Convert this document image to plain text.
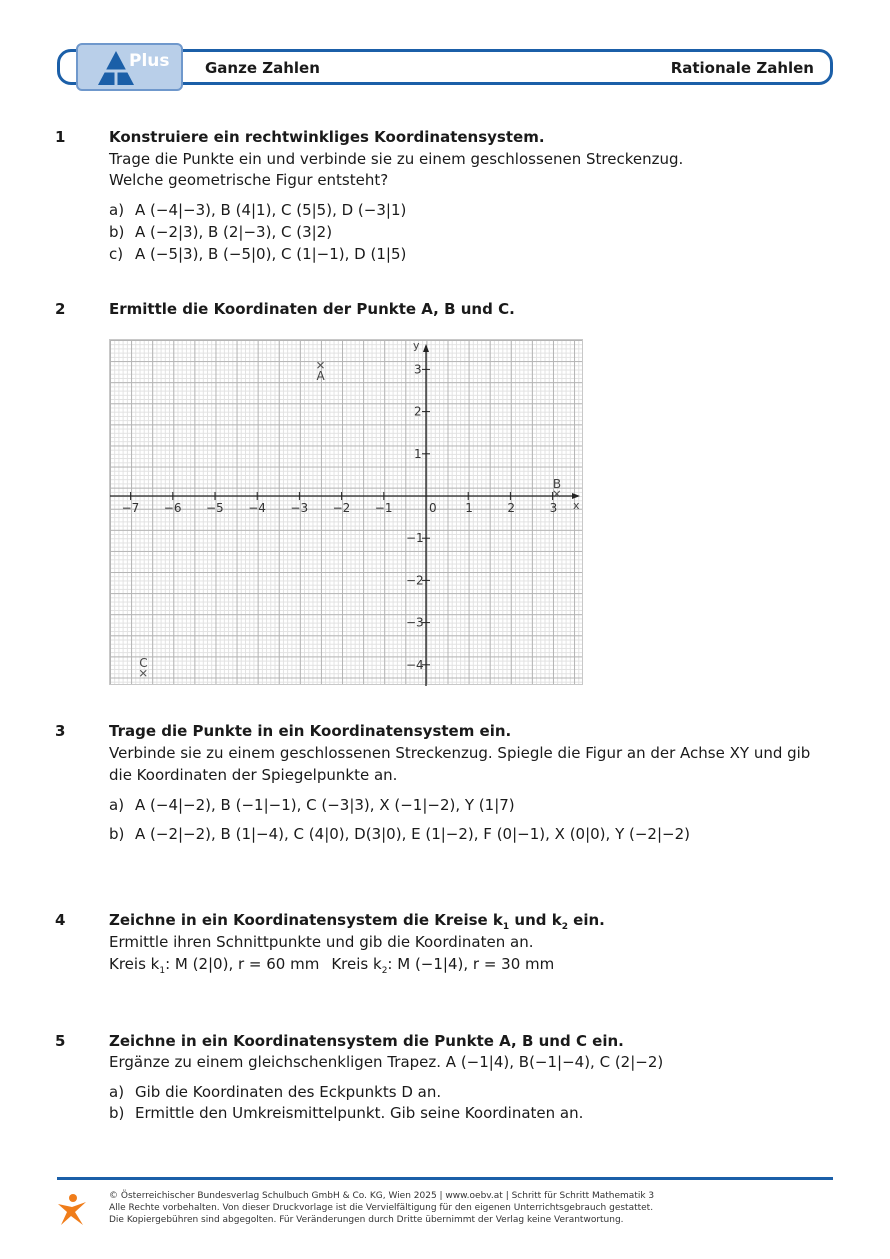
Plus Ganze Zahlen	Rationale Zahlen
1	Konstruiere ein rechtwinkliges Koordinatensystem.
Trage die Punkte ein und verbinde sie zu einem geschlossenen Streckenzug.
Welche geometrische Figur entsteht?
a) A (−4|−3), B (4|1), C (5|5), D (−3|1)
b) A (−2|3), B (2|−3), C (3|2)
c) A (−5|3), B (−5|0), C (1|−1), D (1|5)
2	Ermittle die Koordinaten der Punkte A, B und C.
x
y
−7 −6 −5 −4 −3 −2 −1	0 1	2	3
3
2
1
−1
−2
−3
−4
A
B
C
3	Trage die Punkte in ein Koordinatensystem ein.
Verbinde sie zu einem geschlossenen Streckenzug. Spiegle die Figur an der Achse XY und gib
die Koordinaten der Spiegelpunkte an.
a) A (−4|−2), B (−1|−1), C (−3|3), X (−1|−2), Y (1|7)
b) A (−2|−2), B (1|−4), C (4|0), D(3|0), E (1|−2), F (0|−1), X (0|0), Y (−2|−2)
4	Zeichne in ein Koordinatensystem die Kreise $k_1$ und $k_2$ ein.
Ermittle ihren Schnittpunkte und gib die Koordinaten an.
Kreis $k_1$: M (2|0), r = 60 mm Kreis $k_2$: M (−1|4), r = 30 mm
5	Zeichne in ein Koordinatensystem die Punkte A, B und C ein.
Ergänze zu einem gleichschenkligen Trapez. A (−1|4), B(−1|−4), C (2|−2)
a) Gib die Koordinaten des Eckpunkts D an.
b) Ermittle den Umkreismittelpunkt. Gib seine Koordinaten an.
© Österreichischer Bundesverlag Schulbuch GmbH & Co. KG, Wien 2025 | www.oebv.at | Schritt für Schritt Mathematik 3
Alle Rechte vorbehalten. Von dieser Druckvorlage ist die Vervielfältigung für den eigenen Unterrichtsgebrauch gestattet.
Die Kopiergebühren sind abgegolten. Für Veränderungen durch Dritte übernimmt der Verlag keine Verantwortung.
